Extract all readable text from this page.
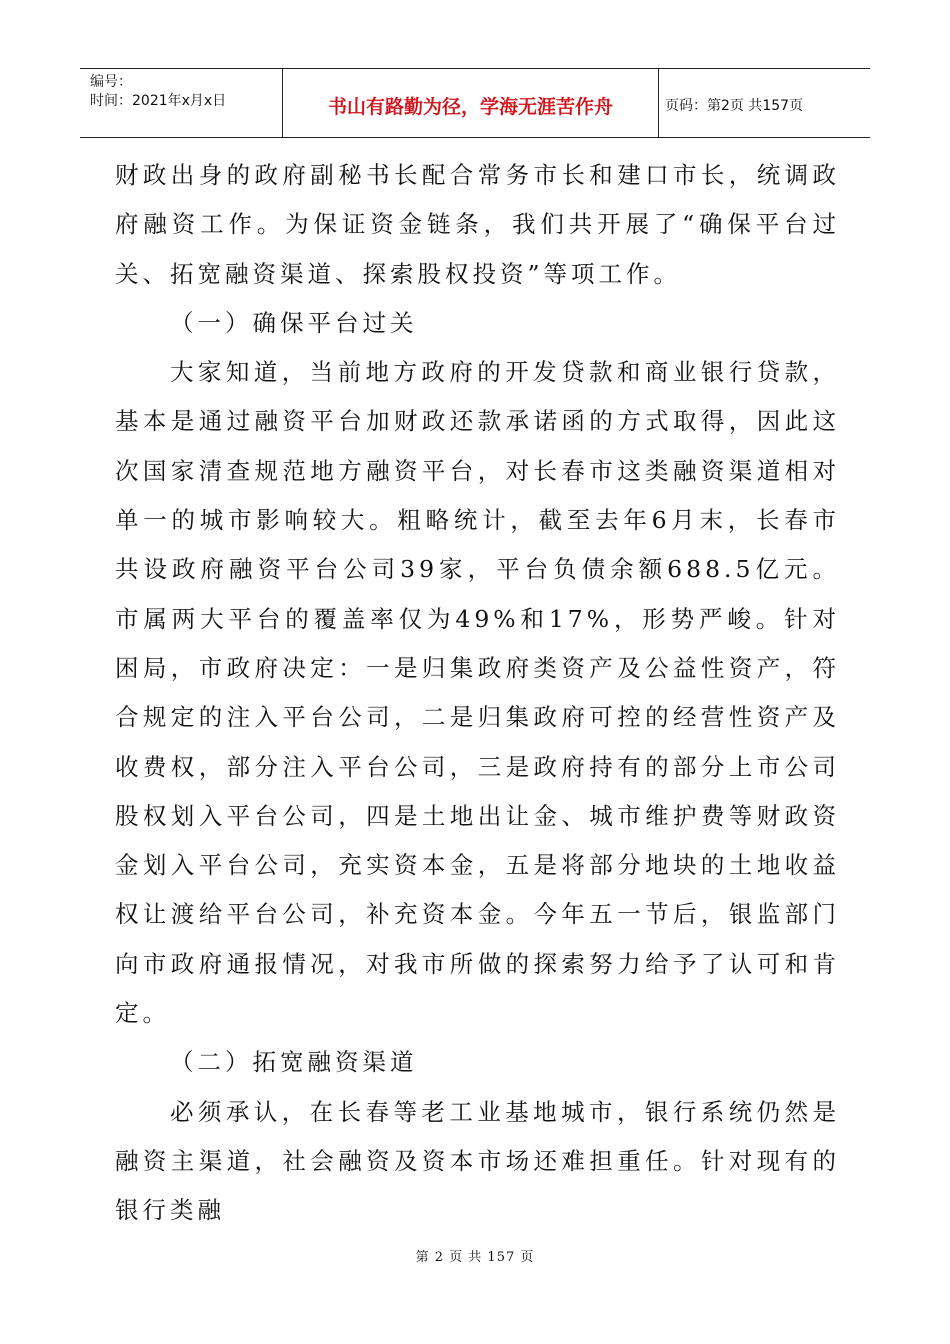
编号：
时间：2021年x月x日	书山有路勤为径，学海无涯苦作舟	页码：第2页 共157页

财政出身的政府副秘书长配合常务市长和建口市长，统调政府融资工作。为保证资金链条，我们共开展了“确保平台过关、拓宽融资渠道、探索股权投资”等项工作。

（一）确保平台过关

大家知道，当前地方政府的开发贷款和商业银行贷款，基本是通过融资平台加财政还款承诺函的方式取得，因此这次国家清查规范地方融资平台，对长春市这类融资渠道相对单一的城市影响较大。粗略统计，截至去年6月末，长春市共设政府融资平台公司39家，平台负债余额688.5亿元。市属两大平台的覆盖率仅为49%和17%，形势严峻。针对困局，市政府决定：一是归集政府类资产及公益性资产，符合规定的注入平台公司，二是归集政府可控的经营性资产及收费权，部分注入平台公司，三是政府持有的部分上市公司股权划入平台公司，四是土地出让金、城市维护费等财政资金划入平台公司，充实资本金，五是将部分地块的土地收益权让渡给平台公司，补充资本金。今年五一节后，银监部门向市政府通报情况，对我市所做的探索努力给予了认可和肯定。

（二）拓宽融资渠道

必须承认，在长春等老工业基地城市，银行系统仍然是融资主渠道，社会融资及资本市场还难担重任。针对现有的银行类融

第 2 页 共 157 页
